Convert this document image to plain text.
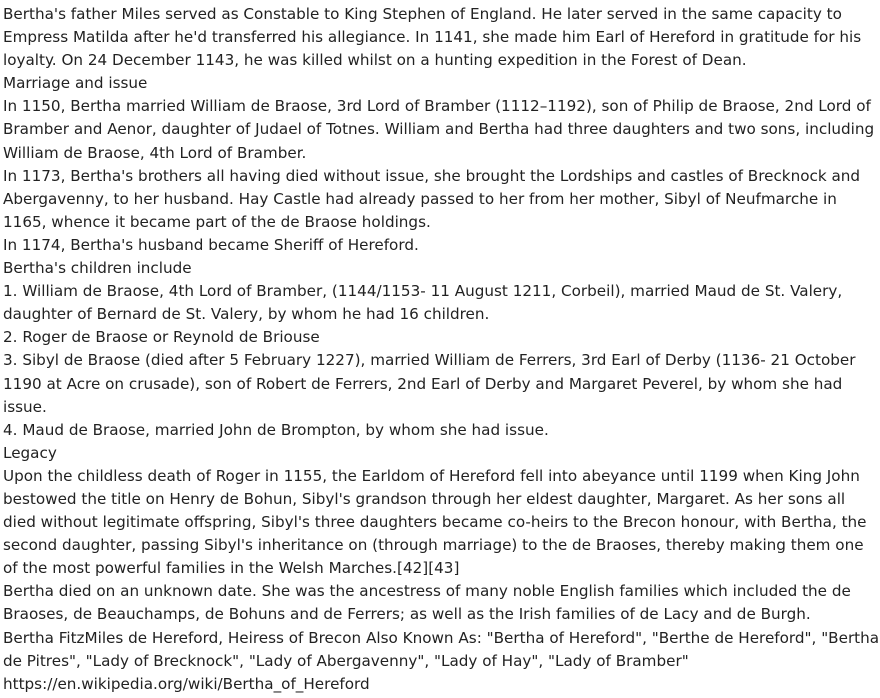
Bertha's father Miles served as Constable to King Stephen of England. He later served in the same capacity to Empress Matilda after he'd transferred his allegiance. In 1141, she made him Earl of Hereford in gratitude for his loyalty. On 24 December 1143, he was killed whilst on a hunting expedition in the Forest of Dean.

Marriage and issue

In 1150, Bertha married William de Braose, 3rd Lord of Bramber (1112–1192), son of Philip de Braose, 2nd Lord of Bramber and Aenor, daughter of Judael of Totnes. William and Bertha had three daughters and two sons, including William de Braose, 4th Lord of Bramber.

In 1173, Bertha's brothers all having died without issue, she brought the Lordships and castles of Brecknock and Abergavenny, to her husband. Hay Castle had already passed to her from her mother, Sibyl of Neufmarche in 1165, whence it became part of the de Braose holdings.

In 1174, Bertha's husband became Sheriff of Hereford.

Bertha's children include

1. William de Braose, 4th Lord of Bramber, (1144/1153- 11 August 1211, Corbeil), married Maud de St. Valery, daughter of Bernard de St. Valery, by whom he had 16 children.

2. Roger de Braose or Reynold de Briouse

3. Sibyl de Braose (died after 5 February 1227), married William de Ferrers, 3rd Earl of Derby (1136- 21 October 1190 at Acre on crusade), son of Robert de Ferrers, 2nd Earl of Derby and Margaret Peverel, by whom she had issue.

4. Maud de Braose, married John de Brompton, by whom she had issue.

Legacy

Upon the childless death of Roger in 1155, the Earldom of Hereford fell into abeyance until 1199 when King John bestowed the title on Henry de Bohun, Sibyl's grandson through her eldest daughter, Margaret. As her sons all died without legitimate offspring, Sibyl's three daughters became co-heirs to the Brecon honour, with Bertha, the second daughter, passing Sibyl's inheritance on (through marriage) to the de Braoses, thereby making them one of the most powerful families in the Welsh Marches.[42][43]

Bertha died on an unknown date. She was the ancestress of many noble English families which included the de Braoses, de Beauchamps, de Bohuns and de Ferrers; as well as the Irish families of de Lacy and de Burgh.

Bertha FitzMiles de Hereford, Heiress of Brecon Also Known As: "Bertha of Hereford", "Berthe de Hereford", "Bertha de Pitres", "Lady of Brecknock", "Lady of Abergavenny", "Lady of Hay", "Lady of Bramber"

https://en.wikipedia.org/wiki/Bertha_of_Hereford
